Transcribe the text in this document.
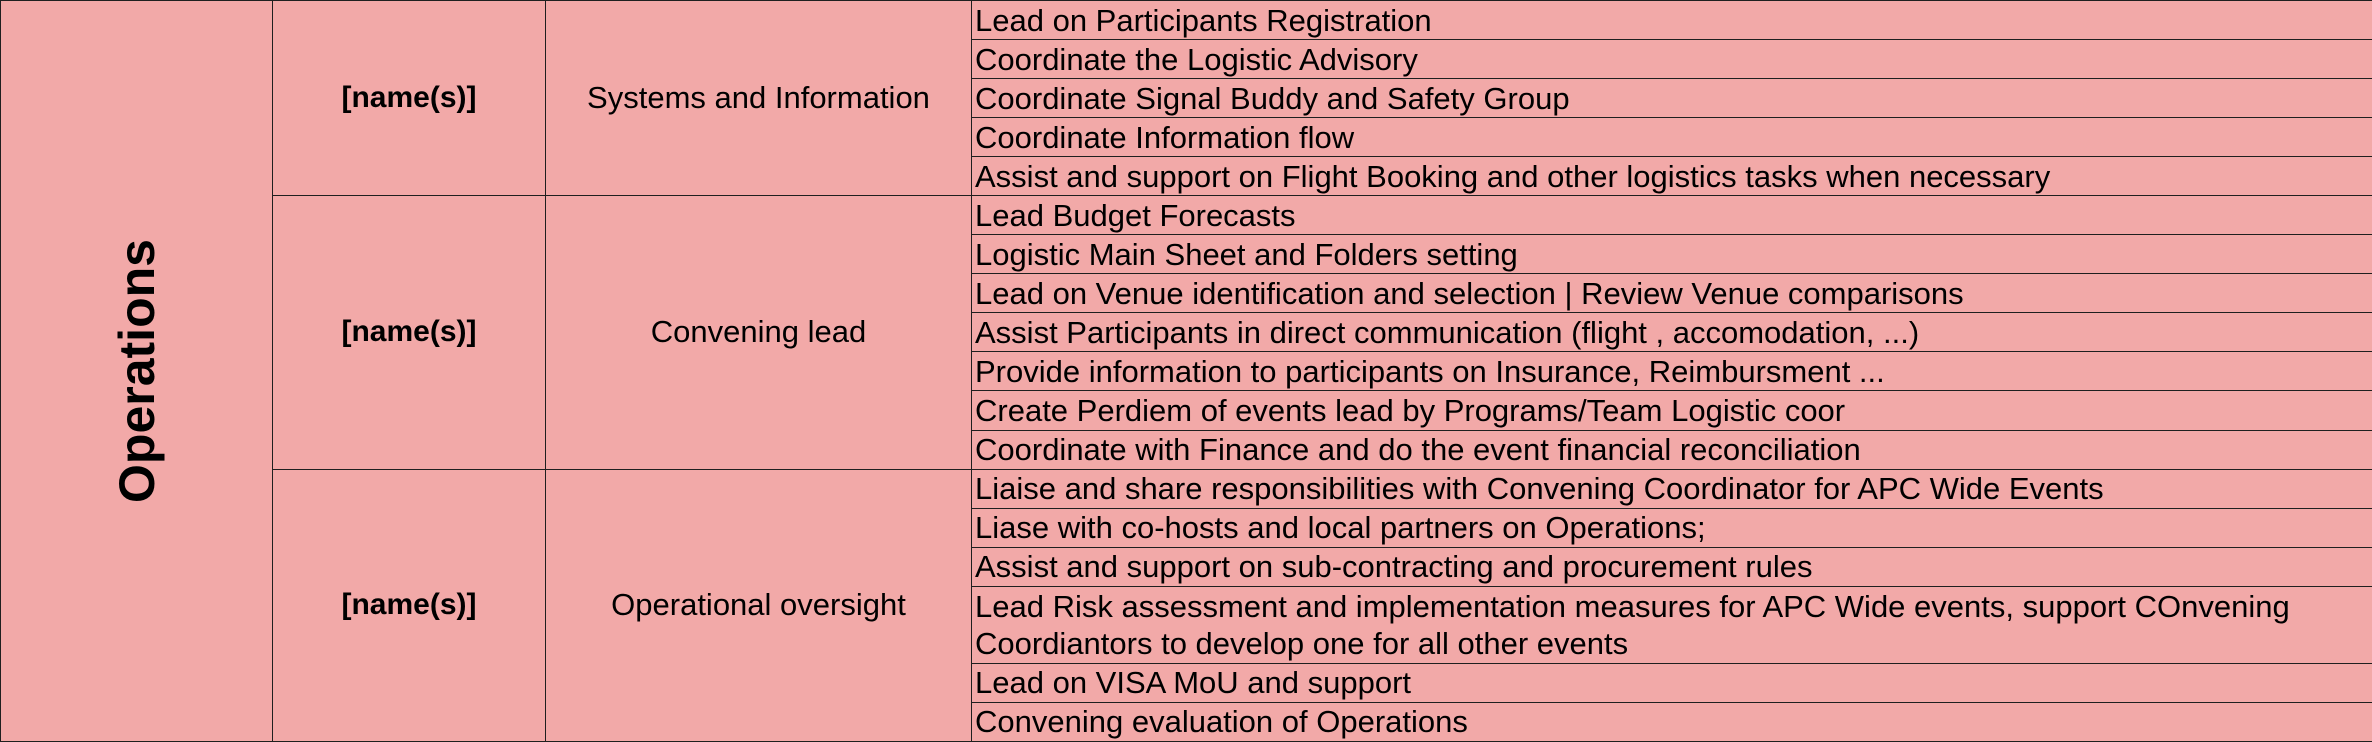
Operations	[name(s)]	Systems and Information	Lead on Participants Registration
			Coordinate the Logistic Advisory
			Coordinate Signal Buddy and Safety Group
			Coordinate Information flow
			Assist and support on Flight Booking and other logistics tasks when necessary
	[name(s)]	Convening lead	Lead Budget Forecasts
			Logistic Main Sheet and Folders setting
			Lead on Venue identification and selection | Review Venue comparisons
			Assist Participants in direct communication (flight , accomodation, ...)
			Provide information to participants on Insurance, Reimbursment ...
			Create Perdiem of events lead by Programs/Team Logistic coor
			Coordinate with Finance and do the event financial reconciliation
	[name(s)]	Operational oversight	Liaise and share responsibilities with Convening Coordinator for APC Wide Events
			Liase with co-hosts and local partners on Operations;
			Assist and support on sub-contracting and procurement rules
			Lead Risk assessment and implementation measures for APC Wide events, support COnvening Coordiantors to develop one for all other events
			Lead on VISA MoU and support
			Convening evaluation of Operations
